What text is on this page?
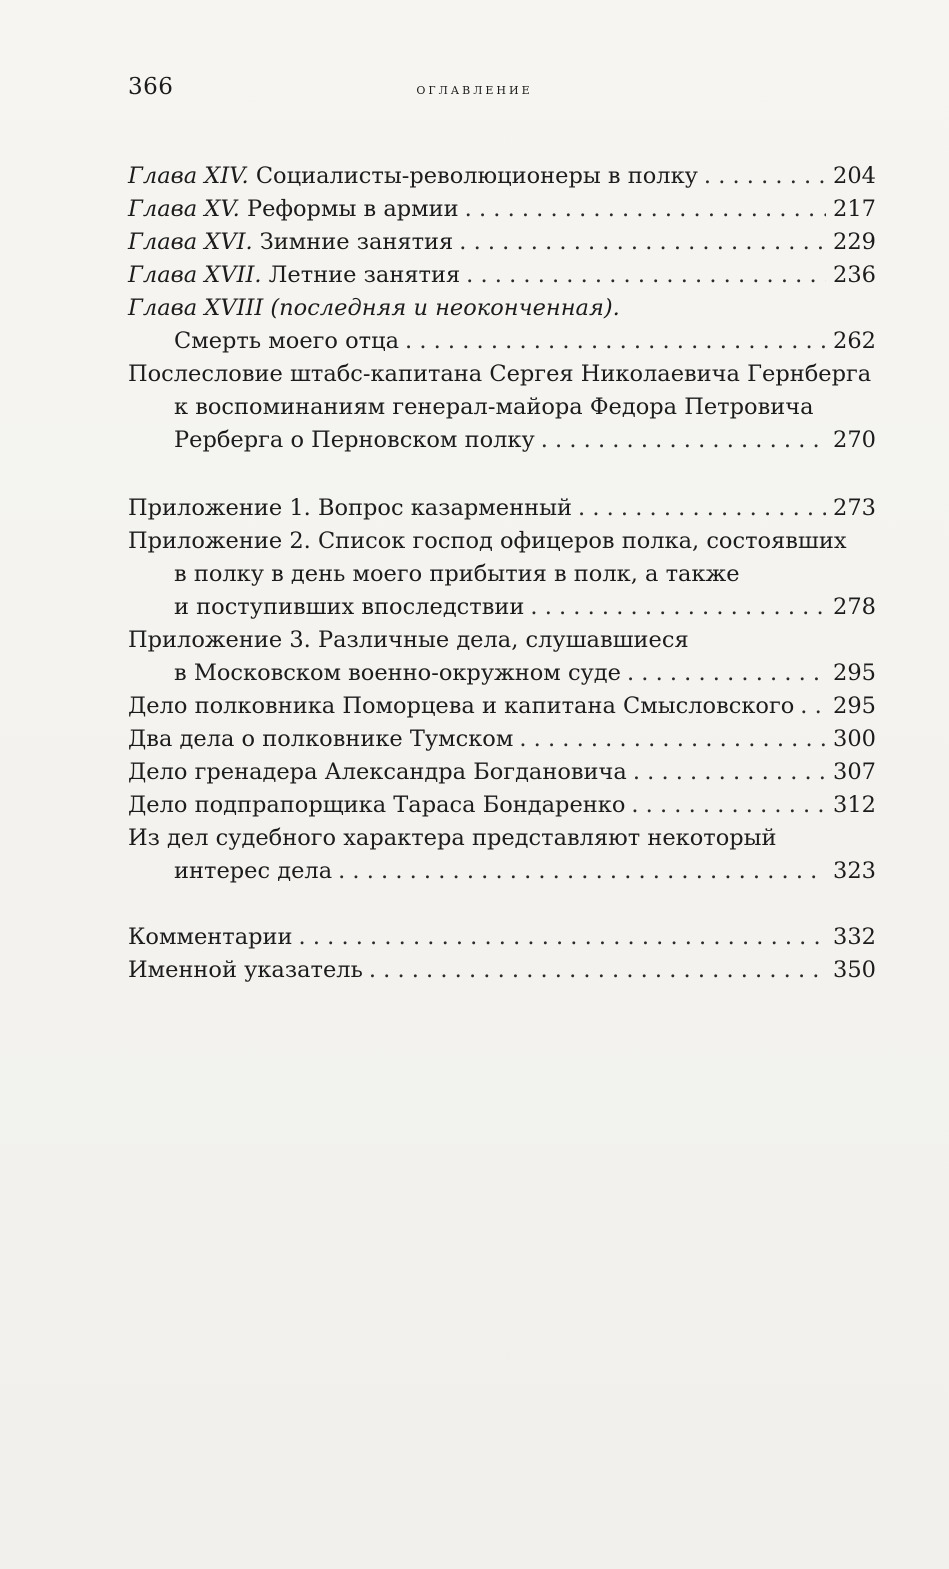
366	оглавление
Глава XIV. Социалисты-революционеры в полку . . .	204
Глава XV. Реформы в армии . . .	217
Глава XVI. Зимние занятия . . .	229
Глава XVII. Летние занятия . . .	236
Глава XVIII (последняя и неоконченная).
Смерть моего отца . . .	262
Послесловие штабс-капитана Сергея Николаевича Гернберга
к воспоминаниям генерал-майора Федора Петровича
Рерберга о Перновском полку . . .	270
Приложение 1. Вопрос казарменный . . .	273
Приложение 2. Список господ офицеров полка, состоявших
в полку в день моего прибытия в полк, а также
и поступивших впоследствии . . .	278
Приложение 3. Различные дела, слушавшиеся
в Московском военно-окружном суде . . .	295
Дело полковника Поморцева и капитана Смысловского . . . 295
Два дела о полковнике Тумском . . .	300
Дело гренадера Александра Богдановича . . .	307
Дело подпрапорщика Тараса Бондаренко . . .	312
Из дел судебного характера представляют некоторый
интерес дела . . .	323
Комментарии . . .	332
Именной указатель . . .	350
